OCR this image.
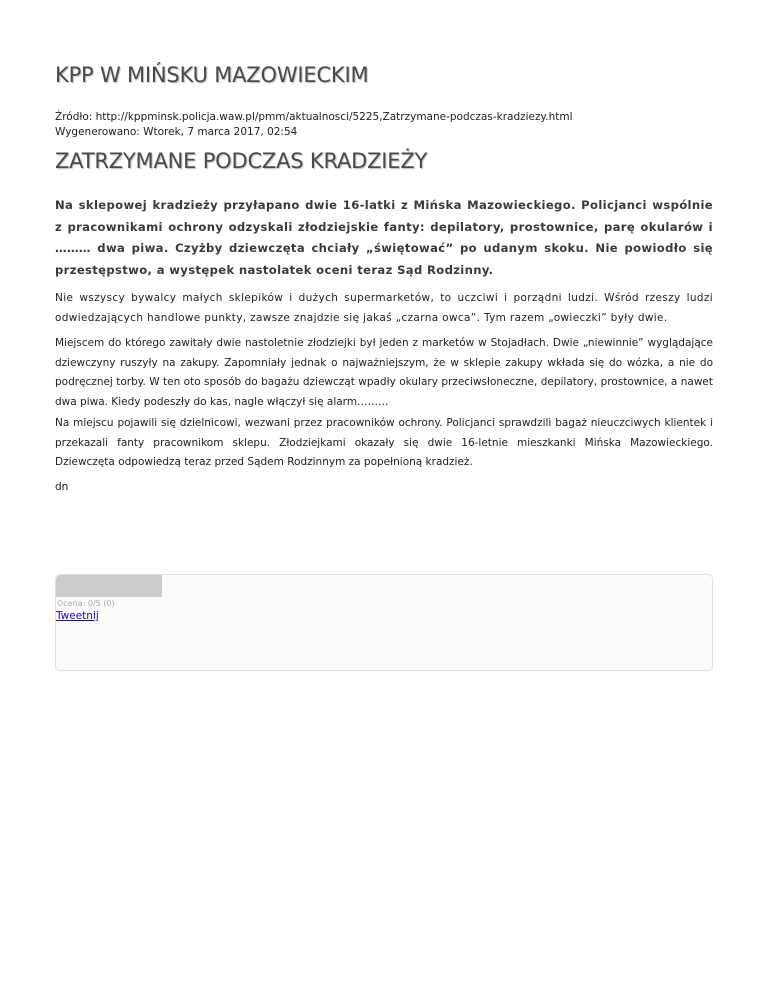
KPP W MIŃSKU MAZOWIECKIM
Źródło: http://kppminsk.policja.waw.pl/pmm/aktualnosci/5225,Zatrzymane-podczas-kradziezy.html
Wygenerowano: Wtorek, 7 marca 2017, 02:54
ZATRZYMANE PODCZAS KRADZIEŻY
Na sklepowej kradzieży przyłapano dwie 16-latki z Mińska Mazowieckiego. Policjanci wspólnie z pracownikami ochrony odzyskali złodziejskie fanty: depilatory, prostownice, parę okularów i ……… dwa piwa. Czyżby dziewczęta chciały „świętować” po udanym skoku. Nie powiodło się przestępstwo, a występek nastolatek oceni teraz Sąd Rodzinny.
Nie wszyscy bywalcy małych sklepików i dużych supermarketów, to uczciwi i porządni ludzi. Wśród rzeszy ludzi odwiedzających handlowe punkty, zawsze znajdzie się jakaś „czarna owca”. Tym razem „owieczki” były dwie.
Miejscem do którego zawitały dwie nastoletnie złodziejki był jeden z marketów w Stojadłach. Dwie „niewinnie” wyglądające dziewczyny ruszyły na zakupy. Zapomniały jednak o najważniejszym, że w sklepie zakupy wkłada się do wózka, a nie do podręcznej torby. W ten oto sposób do bagażu dziewcząt wpadły okulary przeciwsłoneczne, depilatory, prostownice, a nawet dwa piwa. Kiedy podeszły do kas, nagle włączył się alarm………
Na miejscu pojawili się dzielnicowi, wezwani przez pracowników ochrony. Policjanci sprawdzili bagaż nieuczciwych klientek i przekazali fanty pracownikom sklepu. Złodziejkami okazały się dwie 16-letnie mieszkanki Mińska Mazowieckiego. Dziewczęta odpowiedzą teraz przed Sądem Rodzinnym za popełnioną kradzież.
dn
Ocena: 0/5 (0)
Tweetnij
